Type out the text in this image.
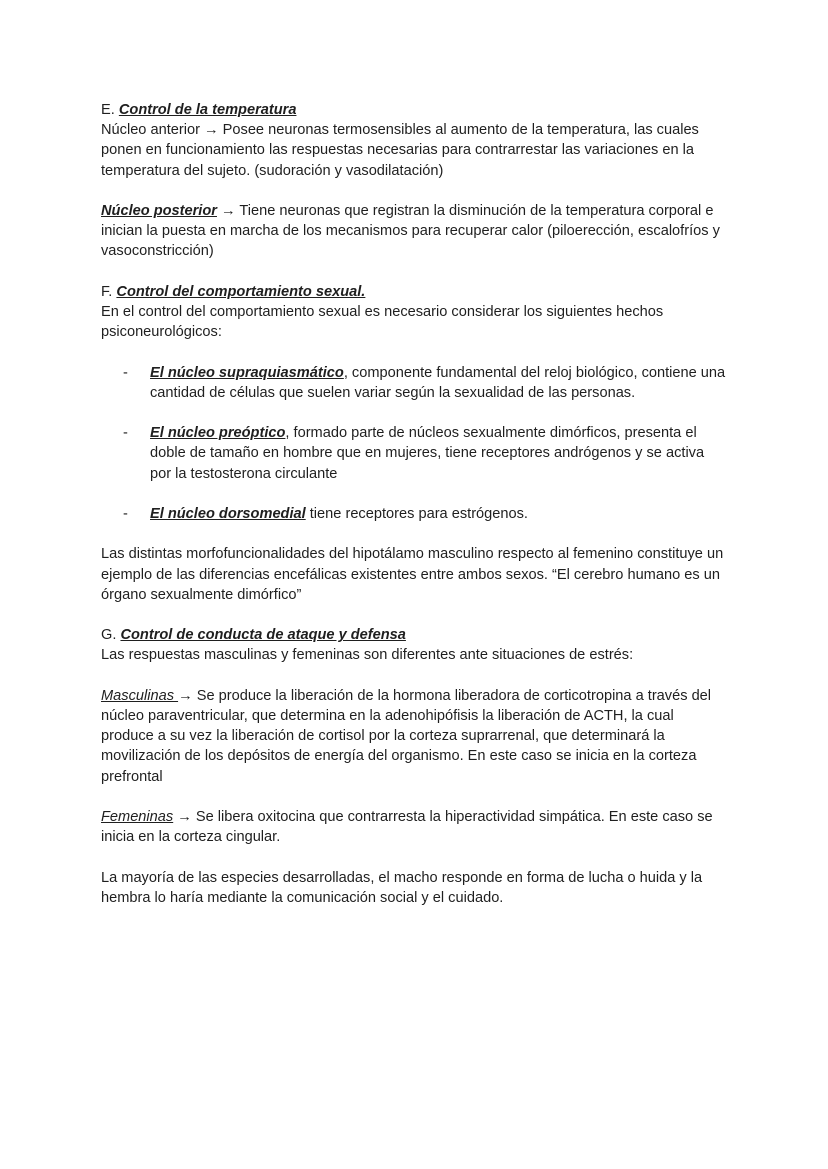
E. Control de la temperatura

Núcleo anterior → Posee neuronas termosensibles al aumento de la temperatura, las cuales ponen en funcionamiento las respuestas necesarias para contrarrestar las variaciones en la temperatura del sujeto. (sudoración y vasodilatación)

Núcleo posterior → Tiene neuronas que registran la disminución de la temperatura corporal e inician la puesta en marcha de los mecanismos para recuperar calor (piloerección, escalofríos y vasoconstricción)

F. Control del comportamiento sexual.

En el control del comportamiento sexual es necesario considerar los siguientes hechos psiconeurológicos:

- El núcleo supraquiasmático, componente fundamental del reloj biológico, contiene una cantidad de células que suelen variar según la sexualidad de las personas.
- El núcleo preóptico, formado parte de núcleos sexualmente dimórficos, presenta el doble de tamaño en hombre que en mujeres, tiene receptores andrógenos y se activa por la testosterona circulante
- El núcleo dorsomedial tiene receptores para estrógenos.

Las distintas morfofuncionalidades del hipotálamo masculino respecto al femenino constituye un ejemplo de las diferencias encefálicas existentes entre ambos sexos. “El cerebro humano es un órgano sexualmente dimórfico”

G. Control de conducta de ataque y defensa

Las respuestas masculinas y femeninas son diferentes ante situaciones de estrés:

Masculinas → Se produce la liberación de la hormona liberadora de corticotropina a través del núcleo paraventricular, que determina en la adenohipófisis la liberación de ACTH, la cual produce a su vez la liberación de cortisol por la corteza suprarrenal, que determinará la movilización de los depósitos de energía del organismo. En este caso se inicia en la corteza prefrontal

Femeninas → Se libera oxitocina que contrarresta la hiperactividad simpática. En este caso se inicia en la corteza cingular.

La mayoría de las especies desarrolladas, el macho responde en forma de lucha o huida y la hembra lo haría mediante la comunicación social y el cuidado.
